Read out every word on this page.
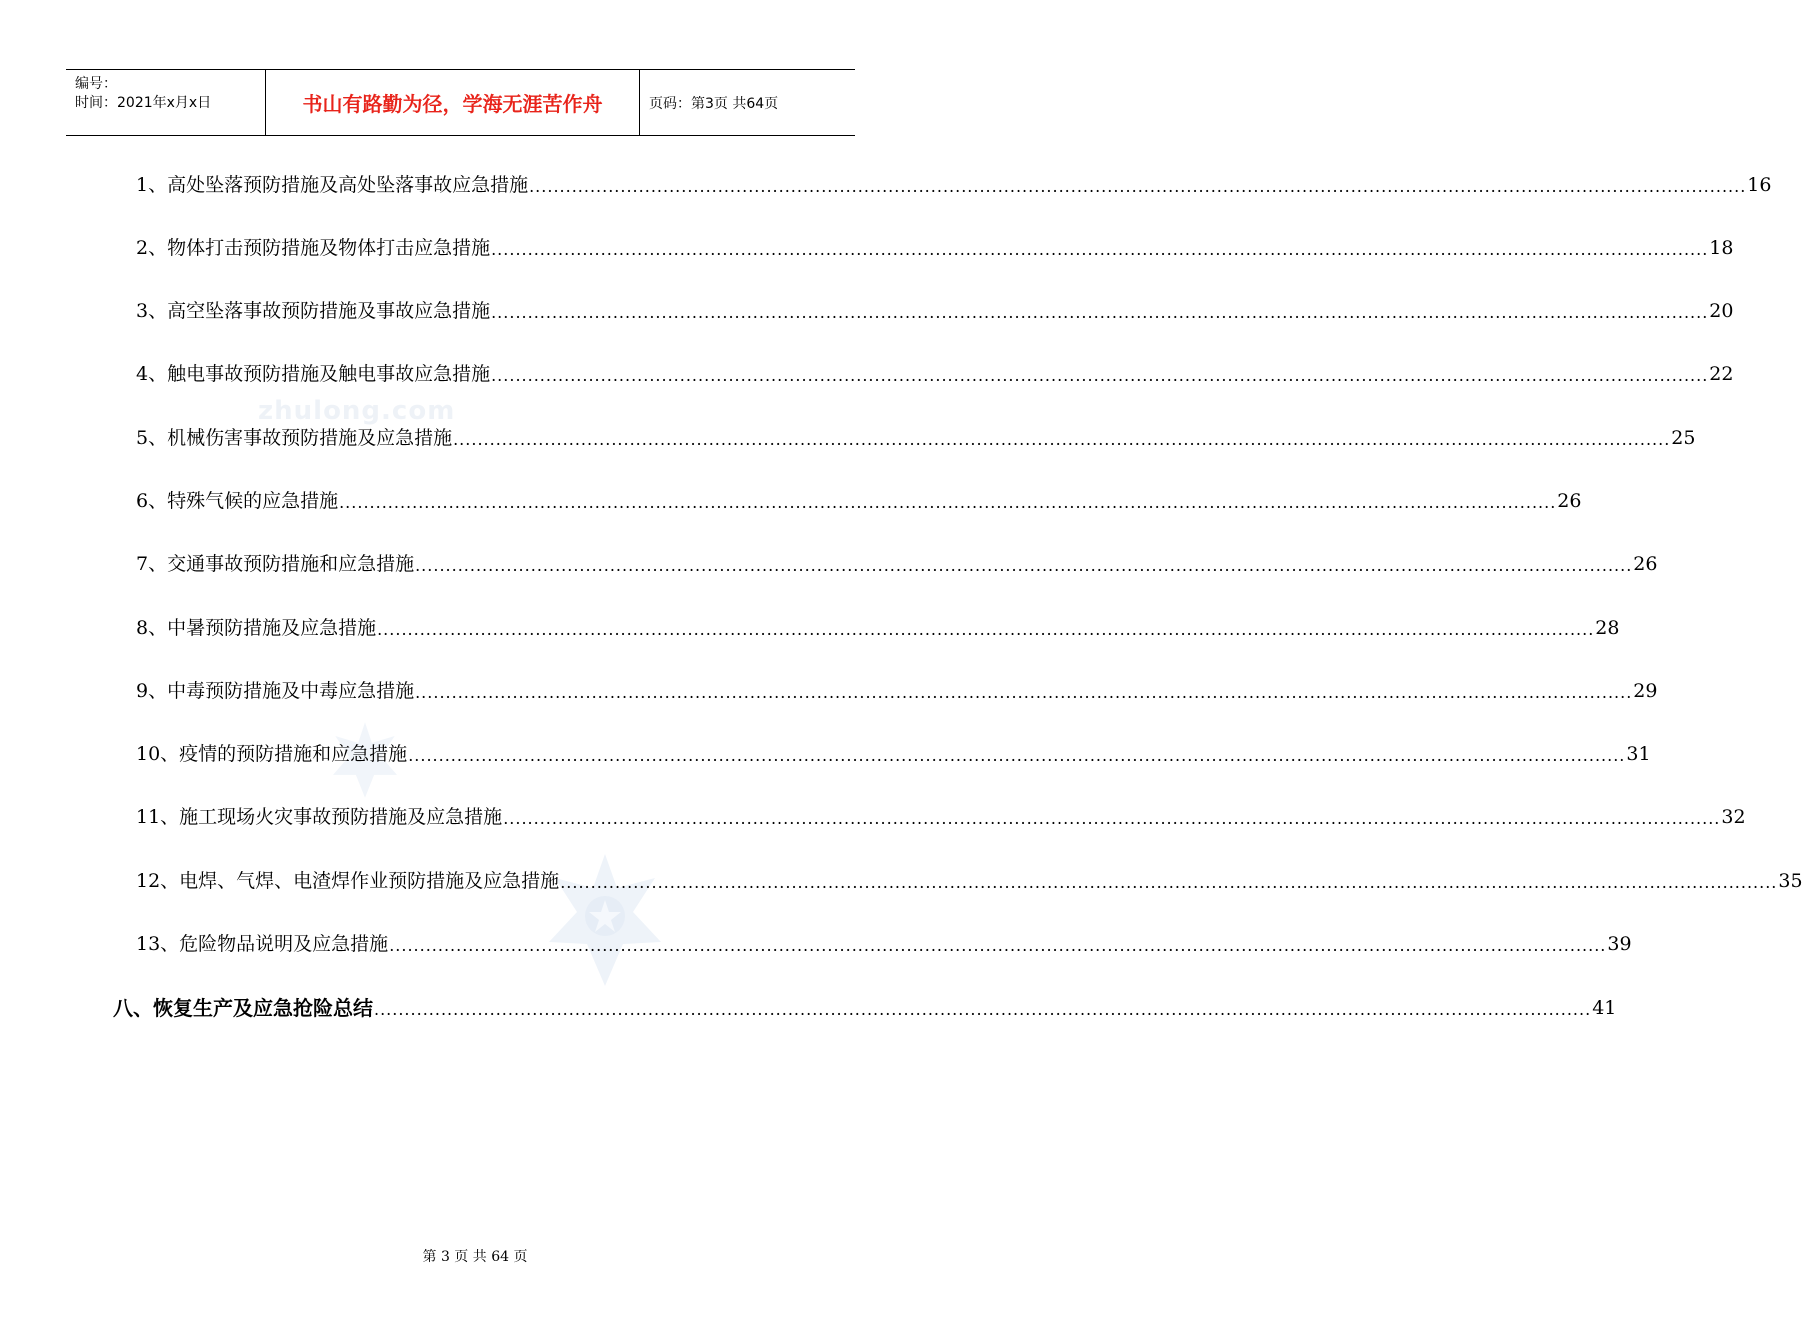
编号：
时间：2021年x月x日	书山有路勤为径，学海无涯苦作舟	页码：第3页 共64页
zhulong.com
1、高处坠落预防措施及高处坠落事故应急措施 ........................................................................................................................................................................................................ 16
2、物体打击预防措施及物体打击应急措施 ........................................................................................................................................................................................................ 18
3、高空坠落事故预防措施及事故应急措施 ........................................................................................................................................................................................................ 20
4、触电事故预防措施及触电事故应急措施 ........................................................................................................................................................................................................ 22
5、机械伤害事故预防措施及应急措施 ........................................................................................................................................................................................................ 25
6、特殊气候的应急措施 ........................................................................................................................................................................................................ 26
7、交通事故预防措施和应急措施 ........................................................................................................................................................................................................ 26
8、中暑预防措施及应急措施 ........................................................................................................................................................................................................ 28
9、中毒预防措施及中毒应急措施 ........................................................................................................................................................................................................ 29
10、疫情的预防措施和应急措施 ........................................................................................................................................................................................................ 31
11、施工现场火灾事故预防措施及应急措施 ........................................................................................................................................................................................................ 32
12、电焊、气焊、电渣焊作业预防措施及应急措施 ........................................................................................................................................................................................................ 35
13、危险物品说明及应急措施 ........................................................................................................................................................................................................ 39
八、恢复生产及应急抢险总结 ........................................................................................................................................................................................................ 41
第 3 页 共 64 页
